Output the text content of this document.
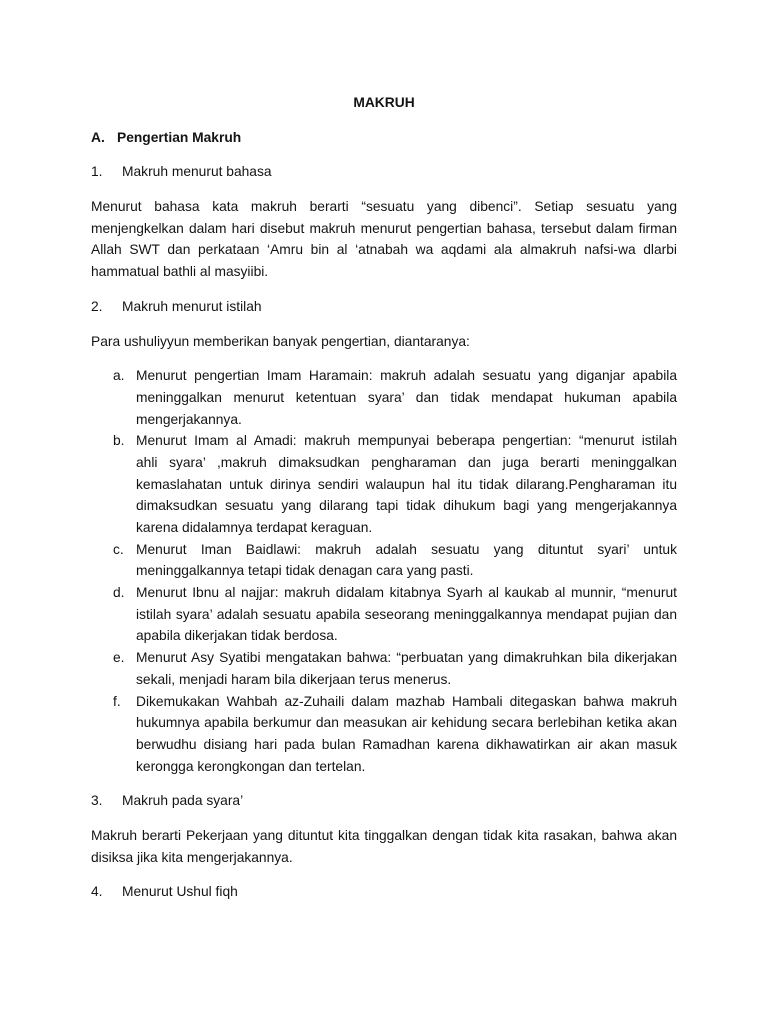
MAKRUH
A. Pengertian Makruh
1. Makruh menurut bahasa
Menurut bahasa kata makruh berarti “sesuatu yang dibenci”. Setiap sesuatu yang
menjengkelkan dalam hari disebut makruh menurut pengertian bahasa, tersebut dalam firman
Allah SWT dan perkataan ‘Amru bin al ‘atnabah wa aqdami ala almakruh nafsi-wa dlarbi
hammatual bathli al masyiibi.
2. Makruh menurut istilah
Para ushuliyyun memberikan banyak pengertian, diantaranya:
a. Menurut pengertian Imam Haramain: makruh adalah sesuatu yang diganjar apabila
meninggalkan menurut ketentuan syara’ dan tidak mendapat hukuman apabila
mengerjakannya.
b. Menurut Imam al Amadi: makruh mempunyai beberapa pengertian: “menurut istilah
ahli syara’ ,makruh dimaksudkan pengharaman dan juga berarti meninggalkan
kemaslahatan untuk dirinya sendiri walaupun hal itu tidak dilarang.Pengharaman itu
dimaksudkan sesuatu yang dilarang tapi tidak dihukum bagi yang mengerjakannya
karena didalamnya terdapat keraguan.
c. Menurut Iman Baidlawi: makruh adalah sesuatu yang dituntut syari’ untuk
meninggalkannya tetapi tidak denagan cara yang pasti.
d. Menurut Ibnu al najjar: makruh didalam kitabnya Syarh al kaukab al munnir, “menurut
istilah syara’ adalah sesuatu apabila seseorang meninggalkannya mendapat pujian dan
apabila dikerjakan tidak berdosa.
e. Menurut Asy Syatibi mengatakan bahwa: “perbuatan yang dimakruhkan bila dikerjakan
sekali, menjadi haram bila dikerjaan terus menerus.
f. Dikemukakan Wahbah az-Zuhaili dalam mazhab Hambali ditegaskan bahwa makruh
hukumnya apabila berkumur dan measukan air kehidung secara berlebihan ketika akan
berwudhu disiang hari pada bulan Ramadhan karena dikhawatirkan air akan masuk
kerongga kerongkongan dan tertelan.
3. Makruh pada syara’
Makruh berarti Pekerjaan yang dituntut kita tinggalkan dengan tidak kita rasakan, bahwa akan
disiksa jika kita mengerjakannya.
4. Menurut Ushul fiqh
